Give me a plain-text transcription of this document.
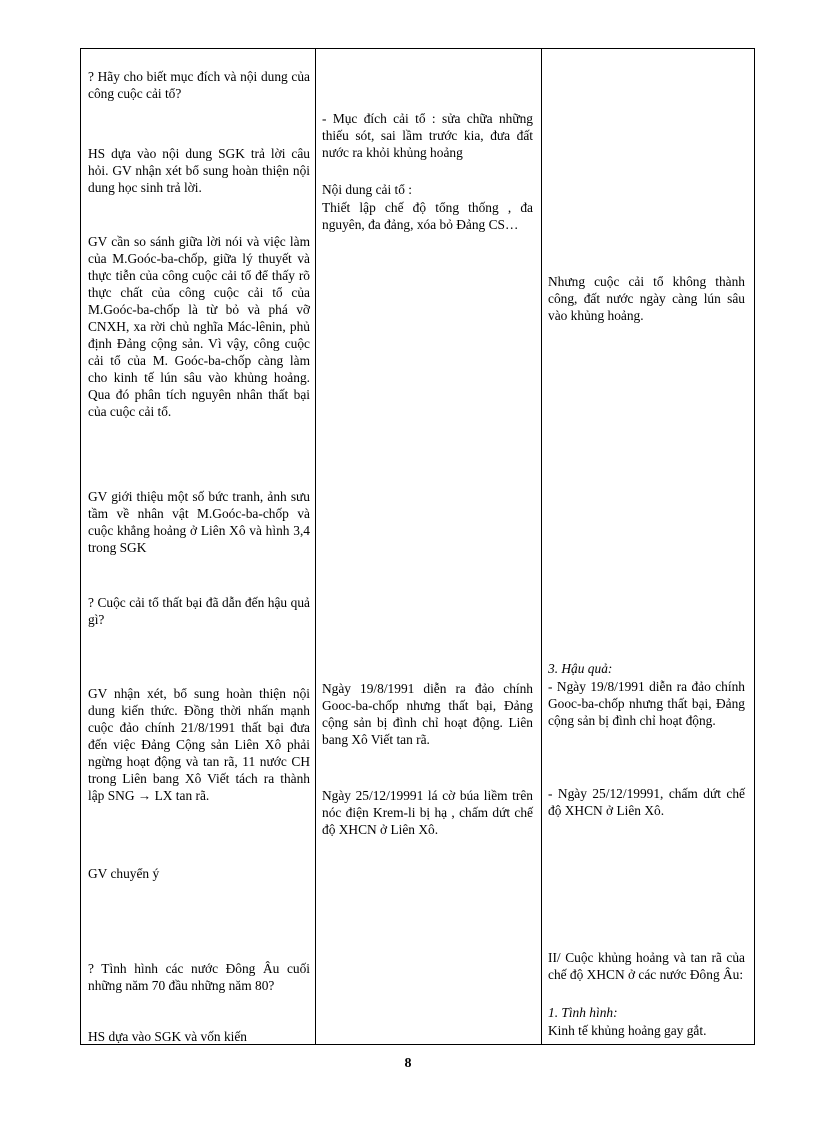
? Hãy cho biết mục đích và nội dung của công cuộc cải tổ?

HS dựa vào nội dung SGK trả lời câu hỏi. GV nhận xét bổ sung hoàn thiện nội dung học sinh trả lời.

GV cần so sánh giữa lời nói và việc làm của M.Goóc-ba-chốp, giữa lý thuyết và thực tiễn của công cuộc cải tổ để thấy rõ thực chất của công cuộc cải tổ của M.Goóc-ba-chốp là từ bỏ và phá vỡ CNXH, xa rời chủ nghĩa Mác-lênin, phủ định Đảng cộng sản. Vì vậy, công cuộc cải tổ của M. Goóc-ba-chốp càng làm cho kinh tế lún sâu vào khủng hoảng. Qua đó phân tích nguyên nhân thất bại của cuộc cải tổ.

GV giới thiệu một số bức tranh, ảnh sưu tầm về nhân vật M.Goóc-ba-chốp và cuộc khẳng hoảng ở Liên Xô và hình 3,4 trong SGK

? Cuộc cải tổ thất bại đã dẫn đến hậu quả gì?

GV nhận xét, bổ sung hoàn thiện nội dung kiến thức. Đồng thời nhấn mạnh cuộc đảo chính 21/8/1991 thất bại đưa đến việc Đảng Cộng sản Liên Xô phải ngừng hoạt động và tan rã, 11 nước CH trong Liên bang Xô Viết tách ra thành lập SNG → LX tan rã.

GV chuyển ý

? Tình hình các nước Đông Âu cuối những năm 70 đầu những năm 80?

HS dựa vào SGK và vốn kiến

- Mục đích cải tổ : sửa chữa những thiếu sót, sai lầm trước kia, đưa đất nước ra khỏi khủng hoảng

Nội dung cải tổ :

Thiết lập chế độ tổng thống , đa nguyên, đa đảng, xóa bỏ Đảng CS…

Ngày 19/8/1991 diễn ra đảo chính Gooc-ba-chốp nhưng thất bại, Đảng cộng sản bị đình chỉ hoạt động. Liên bang Xô Viết tan rã.

Ngày 25/12/19991 lá cờ búa liềm trên nóc điện Krem-li bị hạ , chấm dứt chế độ XHCN ở Liên Xô.

Nhưng cuộc cải tổ không thành công, đất nước ngày càng lún sâu vào khủng hoảng.

3. Hậu quả:

- Ngày 19/8/1991 diễn ra đảo chính Gooc-ba-chốp nhưng thất bại, Đảng cộng sản bị đình chỉ hoạt động.

- Ngày 25/12/19991, chấm dứt chế độ XHCN ở Liên Xô.

II/ Cuộc khủng hoảng và tan rã của chế độ XHCN ở các nước Đông Âu:

1. Tình hình:

Kinh tế khủng hoảng gay gắt.

8
